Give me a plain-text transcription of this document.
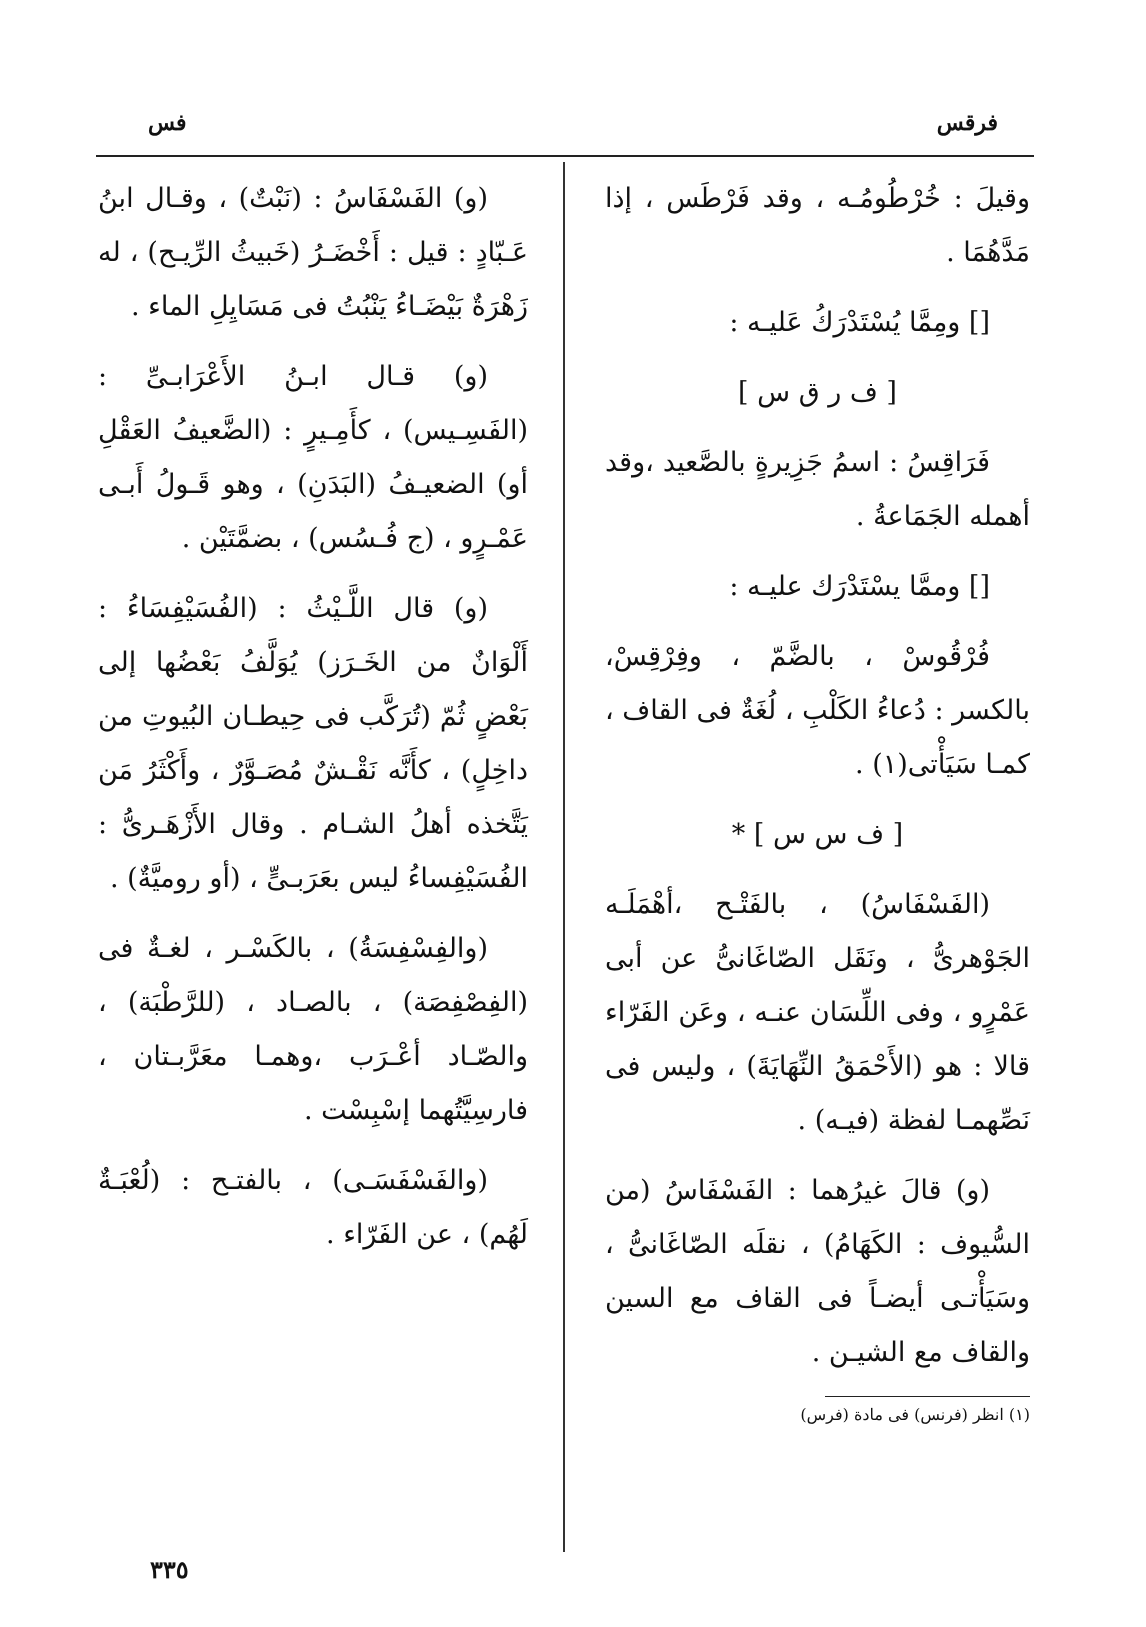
فرقس
فس

وقيلَ : خُرْطُومُـه ، وقد فَرْطَس ، إذا مَدَّهُمَا .

[] ومِمَّا يُسْتَدْرَكُ عَليـه :

[ ف ر ق س ]

فَرَاقِسُ : اسمُ جَزِيرةٍ بالصَّعيد ،وقد أهمله الجَمَاعةُ .

[] وممَّا يسْتَدْرَك عليـه :

فُرْقُوسْ ، بالضَّمّ ، وفِرْقِسْ، بالكسر : دُعاءُ الكَلْبِ ، لُغَةٌ فى القاف ، كمـا سَيَأْتى(١) .

[ ف س س ] *

(الفَسْفَاسُ) ، بالفَتْـح ،أهْمَلَـه الجَوْهرىُّ ، ونَقَل الصّاغَانىُّ عن أبى عَمْرٍو ، وفى اللِّسَان عنـه ، وعَن الفَرّاء قالا : هو (الأَحْمَقُ النِّهَايَةَ) ، وليس فى نَصِّهمـا لفظة (فيـه) .

(و) قالَ غيرُهما : الفَسْفَاسُ (من السُّيوف : الكَهَامُ) ، نقلَه الصّاغَانىُّ ، وسَيَأْتـى أيضـاً فى القاف مع السين والقاف مع الشيـن .

(١) انظر (فرنس) فى مادة (فرس)

(و) الفَسْفَاسُ : (نَبْتٌ) ، وقـال ابنُ عَـبّادٍ : قيل : أَخْضَـرُ (خَبيثُ الرِّيـح) ، له زَهْرَةٌ بَيْضَـاءُ يَنْبُتُ فى مَسَايِلِ الماء .

(و) قـال ابـنُ الأَعْرَابـىِّ : (الفَسِـيس) ، كأَمِـيرٍ : (الضَّعيفُ العَقْلِ أو) الضعيـفُ (البَدَنِ) ، وهو قَـولُ أَبـى عَمْـرٍو ، (ج فُـسُس) ، بضمَّتَيْن .

(و) قال اللَّـيْثُ : (الفُسَيْفِسَاءُ : أَلْوَانٌ من الخَـرَز) يُوَلَّفُ بَعْضُها إلى بَعْضٍ ثُمّ (تُرَكَّب فى حِيطـان البُيوتِ من داخِلٍ) ، كأَنَّه نَقْـشٌ مُصَـوَّرٌ ، وأَكْثَرُ مَن يَتَّخذه أهلُ الشـام . وقال الأَزْهَـرىُّ : الفُسَيْفِساءُ ليس بعَرَبـىٍّ ، (أو روميَّةٌ) .

(والفِسْفِسَةُ) ، بالكَسْـر ، لغـةٌ فى (الفِصْفِصَة) ، بالصـاد ، (للرَّطْبَة) ، والصّـاد أعْـرَب ،وهمـا معَرَّبـتان ، فارسِيَّتُهما إسْبِسْت .

(والفَسْفَسَـى) ، بالفتـح : (لُعْبَـةٌ لَهُم) ، عن الفَرّاء .

٣٣٥
